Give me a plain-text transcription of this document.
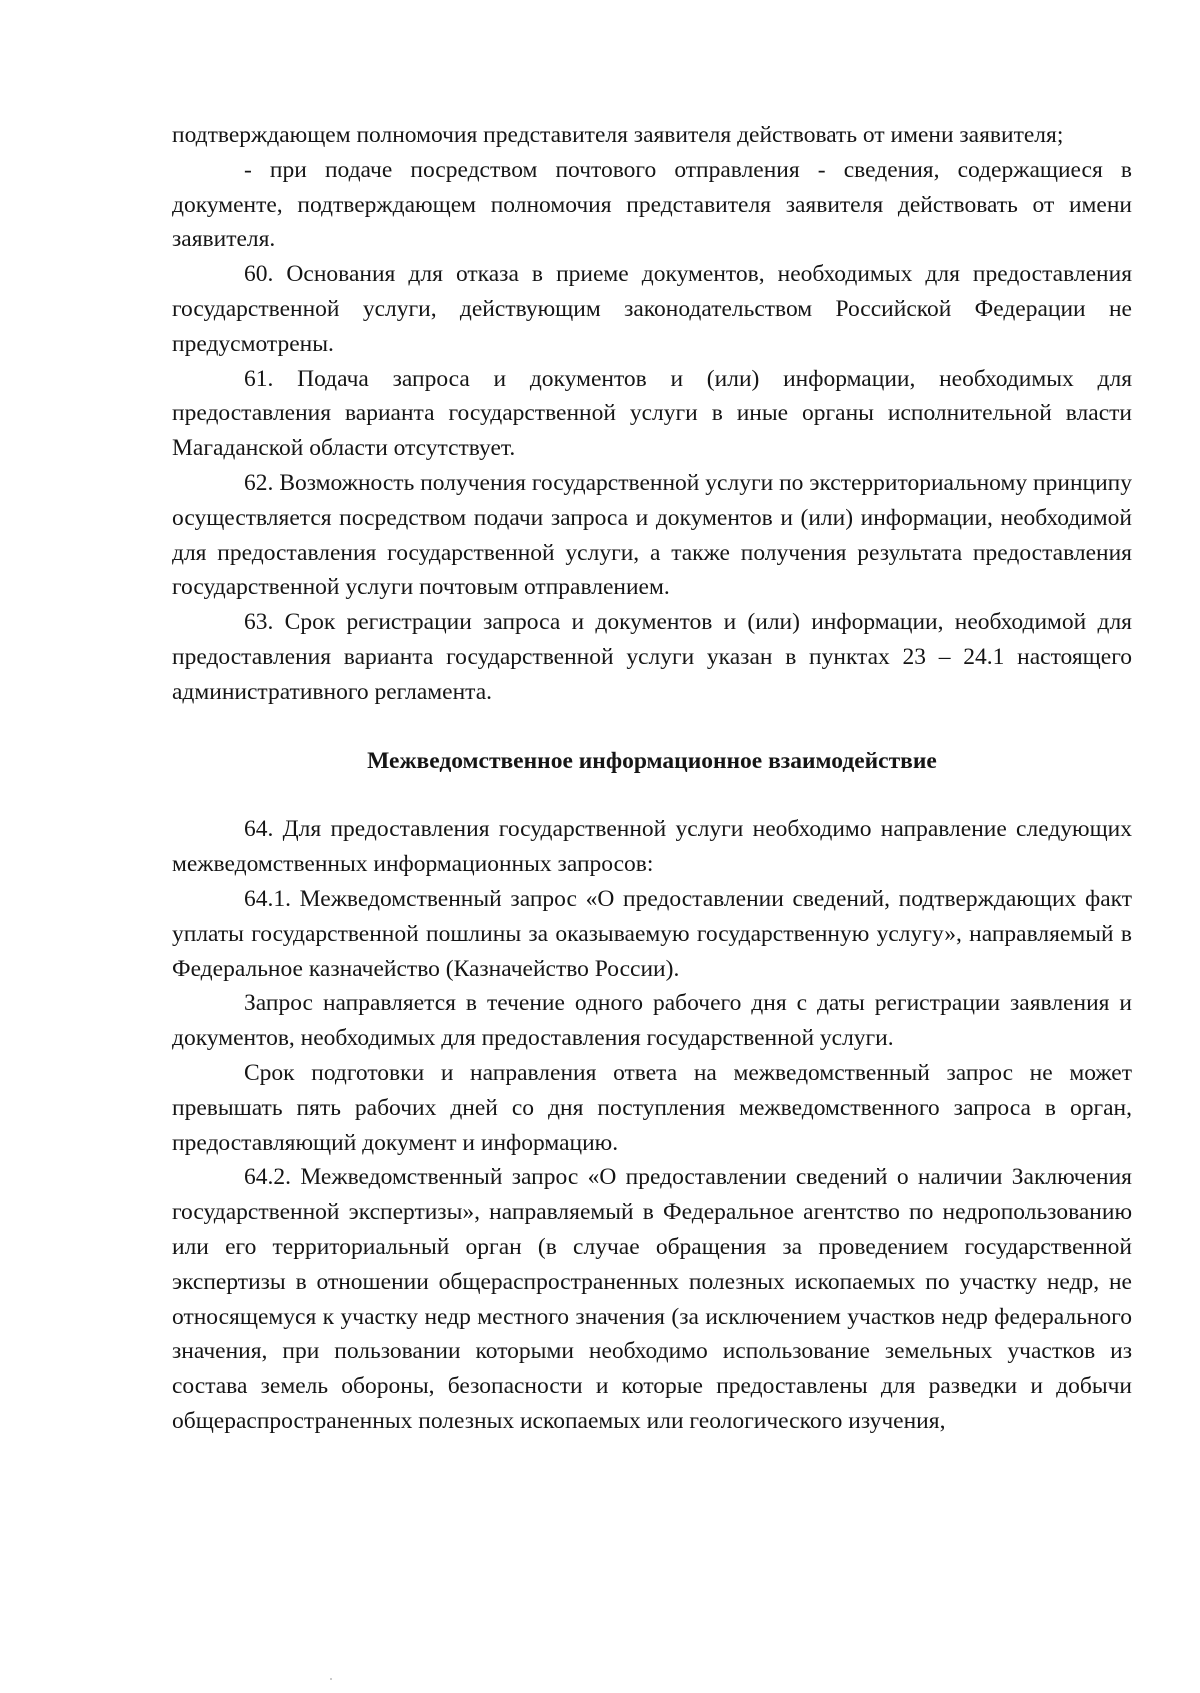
подтверждающем полномочия представителя заявителя действовать от имени заявителя;

- при подаче посредством почтового отправления - сведения, содержащиеся в документе, подтверждающем полномочия представителя заявителя действовать от имени заявителя.

60. Основания для отказа в приеме документов, необходимых для предоставления государственной услуги, действующим законодательством Российской Федерации не предусмотрены.

61. Подача запроса и документов и (или) информации, необходимых для предоставления варианта государственной услуги в иные органы исполнительной власти Магаданской области отсутствует.

62. Возможность получения государственной услуги по экстерриториальному принципу осуществляется посредством подачи запроса и документов и (или) информации, необходимой для предоставления государственной услуги, а также получения результата предоставления государственной услуги почтовым отправлением.

63. Срок регистрации запроса и документов и (или) информации, необходимой для предоставления варианта государственной услуги указан в пунктах 23 – 24.1 настоящего административного регламента.

Межведомственное информационное взаимодействие

64. Для предоставления государственной услуги необходимо направление следующих межведомственных информационных запросов:

64.1. Межведомственный запрос «О предоставлении сведений, подтверждающих факт уплаты государственной пошлины за оказываемую государственную услугу», направляемый в Федеральное казначейство (Казначейство России).

Запрос направляется в течение одного рабочего дня с даты регистрации заявления и документов, необходимых для предоставления государственной услуги.

Срок подготовки и направления ответа на межведомственный запрос не может превышать пять рабочих дней со дня поступления межведомственного запроса в орган, предоставляющий документ и информацию.

64.2. Межведомственный запрос «О предоставлении сведений о наличии Заключения государственной экспертизы», направляемый в Федеральное агентство по недропользованию или его территориальный орган (в случае обращения за проведением государственной экспертизы в отношении общераспространенных полезных ископаемых по участку недр, не относящемуся к участку недр местного значения (за исключением участков недр федерального значения, при пользовании которыми необходимо использование земельных участков из состава земель обороны, безопасности и которые предоставлены для разведки и добычи общераспространенных полезных ископаемых или геологического изучения,
